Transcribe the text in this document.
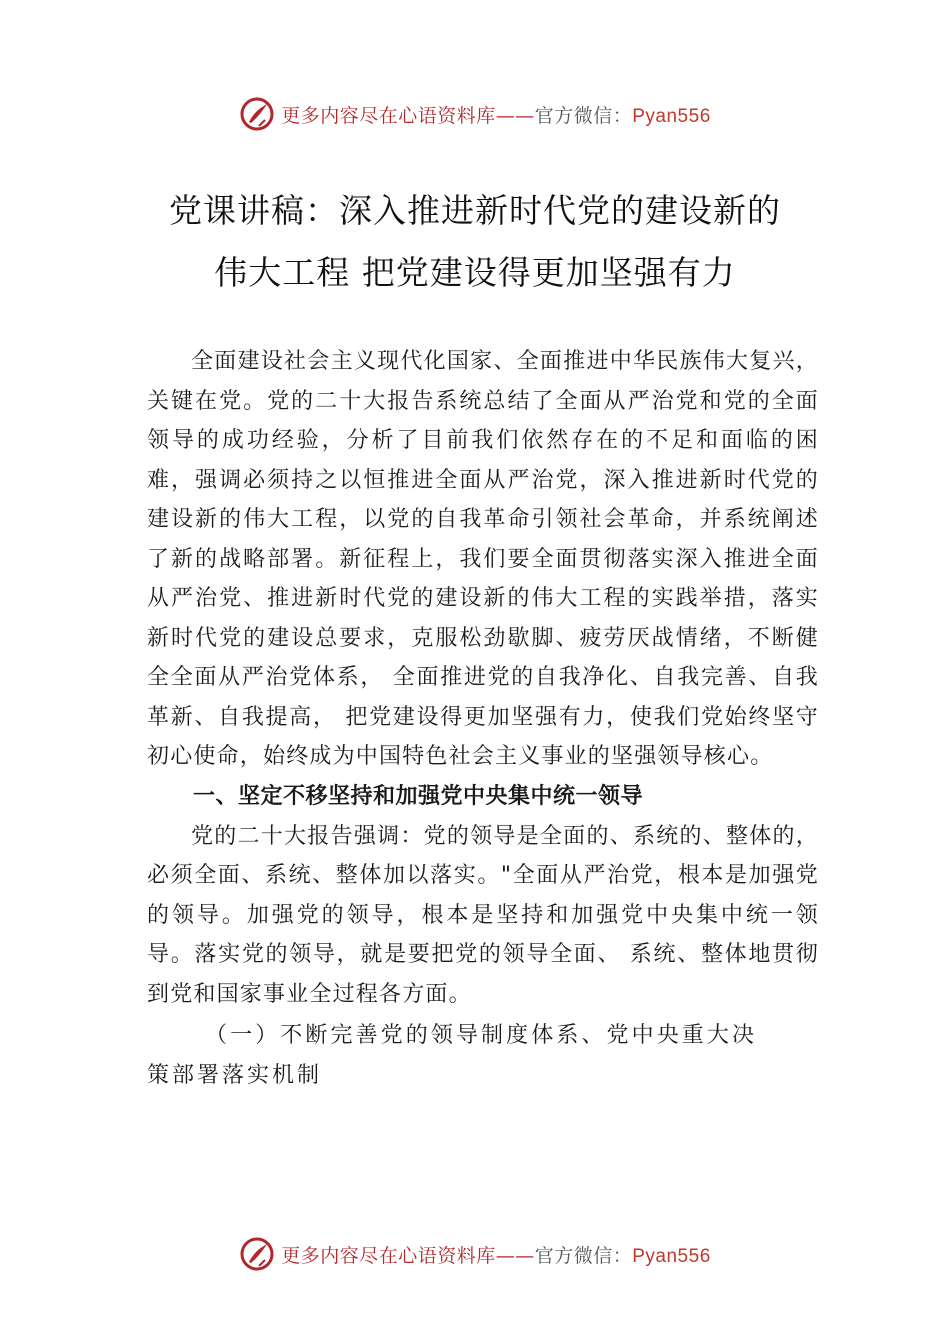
更多内容尽在心语资料库——官方微信：Pyan556
党课讲稿：深入推进新时代党的建设新的
伟大工程 把党建设得更加坚强有力

全面建设社会主义现代化国家、全面推进中华民族伟大复兴，关键在党。党的二十大报告系统总结了全面从严治党和党的全面领导的成功经验，分析了目前我们依然存在的不足和面临的困难，强调必须持之以恒推进全面从严治党，深入推进新时代党的建设新的伟大工程，以党的自我革命引领社会革命，并系统阐述了新的战略部署。新征程上，我们要全面贯彻落实深入推进全面从严治党、推进新时代党的建设新的伟大工程的实践举措，落实新时代党的建设总要求，克服松劲歇脚、疲劳厌战情绪，不断健全全面从严治党体系， 全面推进党的自我净化、自我完善、自我革新、自我提高， 把党建设得更加坚强有力，使我们党始终坚守初心使命，始终成为中国特色社会主义事业的坚强领导核心。

一、坚定不移坚持和加强党中央集中统一领导

党的二十大报告强调：党的领导是全面的、系统的、整体的，必须全面、系统、整体加以落实。"全面从严治党，根本是加强党的领导。加强党的领导，根本是坚持和加强党中央集中统一领导。落实党的领导，就是要把党的领导全面、 系统、整体地贯彻到党和国家事业全过程各方面。

（一）不断完善党的领导制度体系、党中央重大决策部署落实机制

更多内容尽在心语资料库——官方微信：Pyan556
